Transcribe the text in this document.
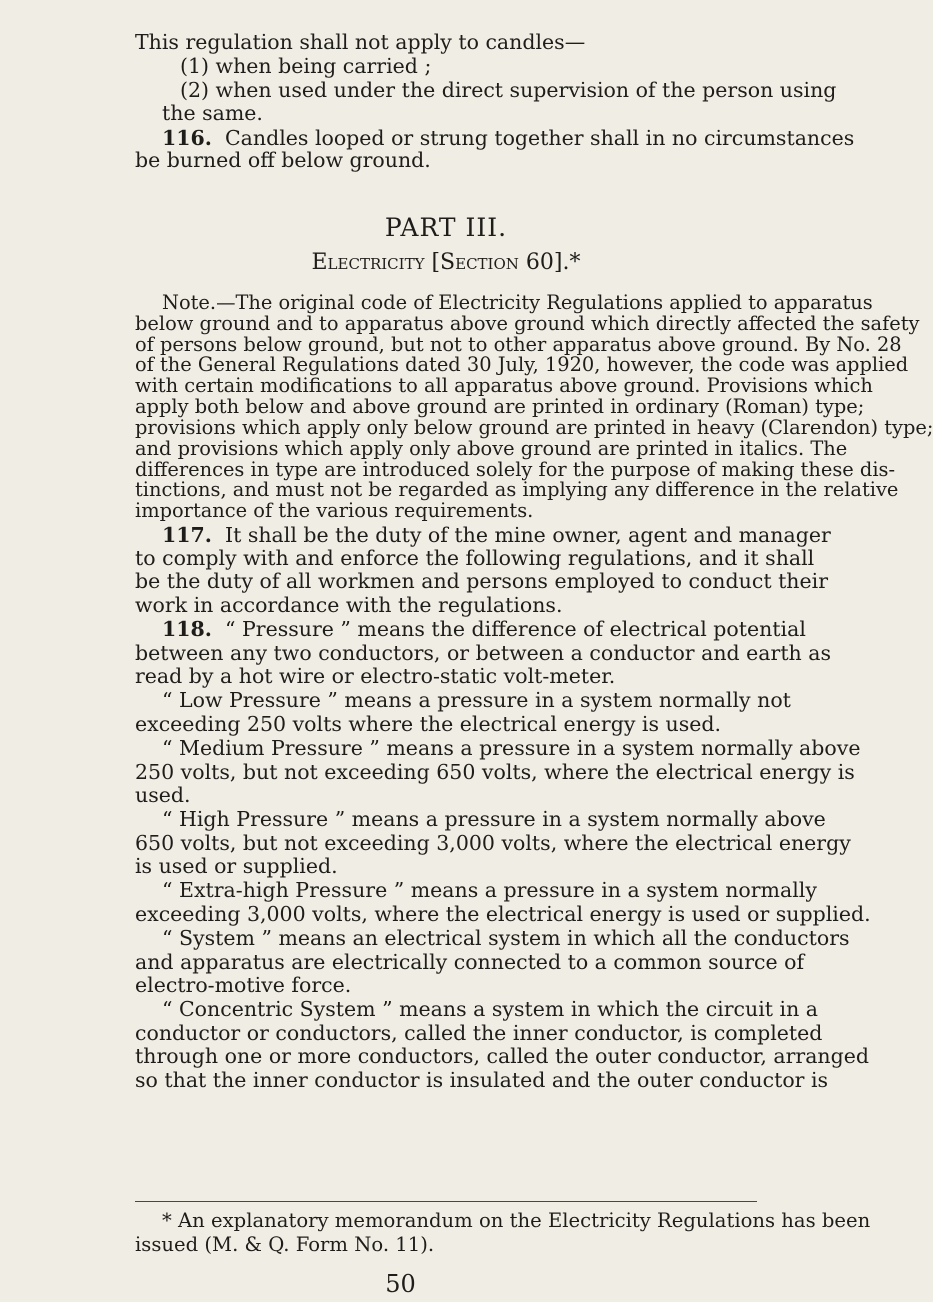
This regulation shall not apply to candles—
(1) when being carried ;
(2) when used under the direct supervision of the person using
the same.
116. Candles looped or strung together shall in no circumstances
be burned off below ground.
PART III.
Electricity [Section 60].*
Note.—The original code of Electricity Regulations applied to apparatus
below ground and to apparatus above ground which directly affected the safety
of persons below ground, but not to other apparatus above ground. By No. 28
of the General Regulations dated 30 July, 1920, however, the code was applied
with certain modifications to all apparatus above ground. Provisions which
apply both below and above ground are printed in ordinary (Roman) type;
provisions which apply only below ground are printed in heavy (Clarendon) type;
and provisions which apply only above ground are printed in italics. The
differences in type are introduced solely for the purpose of making these dis-
tinctions, and must not be regarded as implying any difference in the relative
importance of the various requirements.
117. It shall be the duty of the mine owner, agent and manager
to comply with and enforce the following regulations, and it shall
be the duty of all workmen and persons employed to conduct their
work in accordance with the regulations.
118. “ Pressure ” means the difference of electrical potential
between any two conductors, or between a conductor and earth as
read by a hot wire or electro-static volt-meter.
“ Low Pressure ” means a pressure in a system normally not
exceeding 250 volts where the electrical energy is used.
“ Medium Pressure ” means a pressure in a system normally above
250 volts, but not exceeding 650 volts, where the electrical energy is
used.
“ High Pressure ” means a pressure in a system normally above
650 volts, but not exceeding 3,000 volts, where the electrical energy
is used or supplied.
“ Extra-high Pressure ” means a pressure in a system normally
exceeding 3,000 volts, where the electrical energy is used or supplied.
“ System ” means an electrical system in which all the conductors
and apparatus are electrically connected to a common source of
electro-motive force.
“ Concentric System ” means a system in which the circuit in a
conductor or conductors, called the inner conductor, is completed
through one or more conductors, called the outer conductor, arranged
so that the inner conductor is insulated and the outer conductor is
* An explanatory memorandum on the Electricity Regulations has been
issued (M. & Q. Form No. 11).
50
